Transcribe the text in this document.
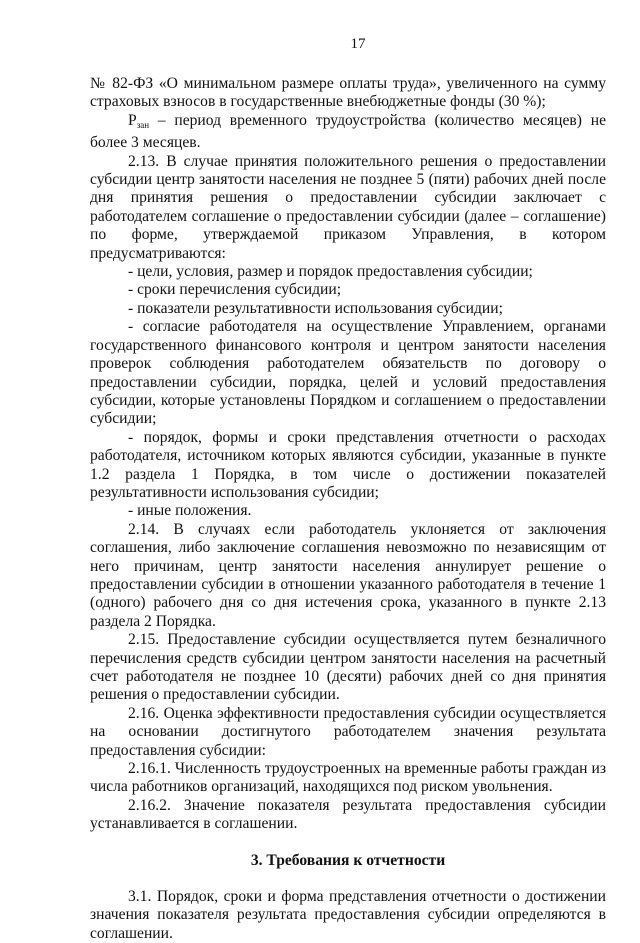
17

№ 82-ФЗ «О минимальном размере оплаты труда», увеличенного на сумму страховых взносов в государственные внебюджетные фонды (30 %);

$Р_{зан}$ – период временного трудоустройства (количество месяцев) не более 3 месяцев.

2.13. В случае принятия положительного решения о предоставлении субсидии центр занятости населения не позднее 5 (пяти) рабочих дней после дня принятия решения о предоставлении субсидии заключает с работодателем соглашение о предоставлении субсидии (далее – соглашение) по форме, утверждаемой приказом Управления, в котором предусматриваются:

- цели, условия, размер и порядок предоставления субсидии;

- сроки перечисления субсидии;

- показатели результативности использования субсидии;

- согласие работодателя на осуществление Управлением, органами государственного финансового контроля и центром занятости населения проверок соблюдения работодателем обязательств по договору о предоставлении субсидии, порядка, целей и условий предоставления субсидии, которые установлены Порядком и соглашением о предоставлении субсидии;

- порядок, формы и сроки представления отчетности о расходах работодателя, источником которых являются субсидии, указанные в пункте 1.2 раздела 1 Порядка, в том числе о достижении показателей результативности использования субсидии;

- иные положения.

2.14. В случаях если работодатель уклоняется от заключения соглашения, либо заключение соглашения невозможно по независящим от него причинам, центр занятости населения аннулирует решение о предоставлении субсидии в отношении указанного работодателя в течение 1 (одного) рабочего дня со дня истечения срока, указанного в пункте 2.13 раздела 2 Порядка.

2.15. Предоставление субсидии осуществляется путем безналичного перечисления средств субсидии центром занятости населения на расчетный счет работодателя не позднее 10 (десяти) рабочих дней со дня принятия решения о предоставлении субсидии.

2.16. Оценка эффективности предоставления субсидии осуществляется на основании достигнутого работодателем значения результата предоставления субсидии:

2.16.1. Численность трудоустроенных на временные работы граждан из числа работников организаций, находящихся под риском увольнения.

2.16.2. Значение показателя результата предоставления субсидии устанавливается в соглашении.

3. Требования к отчетности

3.1. Порядок, сроки и форма представления отчетности о достижении значения показателя результата предоставления субсидии определяются в соглашении.
